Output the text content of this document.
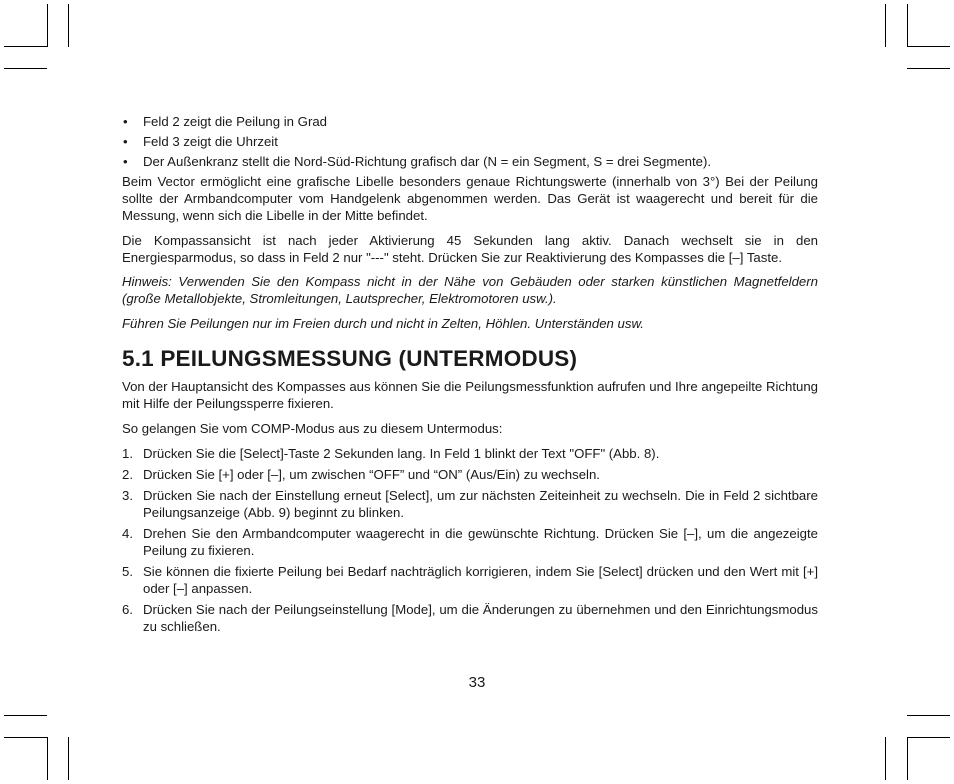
• Feld 2 zeigt die Peilung in Grad
• Feld 3 zeigt die Uhrzeit
• Der Außenkranz stellt die Nord-Süd-Richtung grafisch dar (N = ein Segment, S = drei Segmente).

Beim Vector ermöglicht eine grafische Libelle besonders genaue Richtungswerte (innerhalb von 3°) Bei der Peilung sollte der Armbandcomputer vom Handgelenk abgenommen werden. Das Gerät ist waagerecht und bereit für die Messung, wenn sich die Libelle in der Mitte befindet.

Die Kompassansicht ist nach jeder Aktivierung 45 Sekunden lang aktiv. Danach wechselt sie in den Energiesparmodus, so dass in Feld 2 nur "---" steht. Drücken Sie zur Reaktivierung des Kompasses die [–] Taste.

Hinweis: Verwenden Sie den Kompass nicht in der Nähe von Gebäuden oder starken künstlichen Magnetfeldern (große Metallobjekte, Stromleitungen, Lautsprecher, Elektromotoren usw.).

Führen Sie Peilungen nur im Freien durch und nicht in Zelten, Höhlen. Unterständen usw.

5.1 PEILUNGSMESSUNG (UNTERMODUS)

Von der Hauptansicht des Kompasses aus können Sie die Peilungsmessfunktion aufrufen und Ihre angepeilte Richtung mit Hilfe der Peilungssperre fixieren.

So gelangen Sie vom COMP-Modus aus zu diesem Untermodus:

1. Drücken Sie die [Select]-Taste 2 Sekunden lang. In Feld 1 blinkt der Text "OFF" (Abb. 8).
2. Drücken Sie [+] oder [–], um zwischen “OFF” und “ON” (Aus/Ein) zu wechseln.
3. Drücken Sie nach der Einstellung erneut [Select], um zur nächsten Zeiteinheit zu wechseln. Die in Feld 2 sichtbare Peilungsanzeige (Abb. 9) beginnt zu blinken.
4. Drehen Sie den Armbandcomputer waagerecht in die gewünschte Richtung. Drücken Sie [–], um die angezeigte Peilung zu fixieren.
5. Sie können die fixierte Peilung bei Bedarf nachträglich korrigieren, indem Sie [Select] drücken und den Wert mit [+] oder [–] anpassen.
6. Drücken Sie nach der Peilungseinstellung [Mode], um die Änderungen zu übernehmen und den Einrichtungsmodus zu schließen.
33
